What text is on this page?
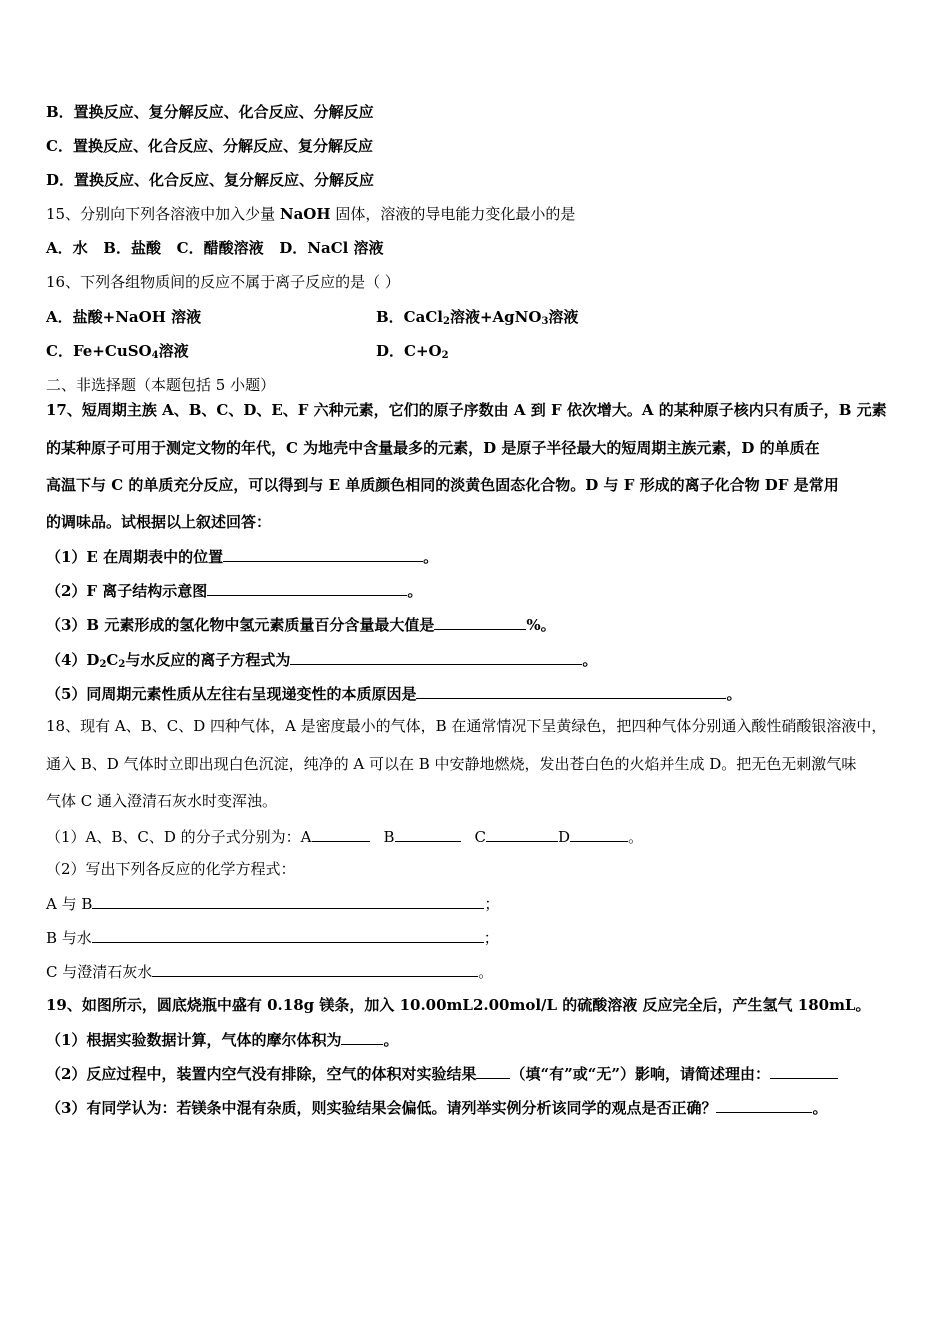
B．置换反应、复分解反应、化合反应、分解反应
C．置换反应、化合反应、分解反应、复分解反应
D．置换反应、化合反应、复分解反应、分解反应
15、分别向下列各溶液中加入少量 NaOH 固体，溶液的导电能力变化最小的是
A．水   B．盐酸   C．醋酸溶液   D．NaCl 溶液
16、下列各组物质间的反应不属于离子反应的是（ ）
A．盐酸+NaOH 溶液	B．CaCl$_2$溶液+AgNO$_3$溶液
C．Fe+CuSO$_4$溶液	D．$C+O_2$
二、非选择题（本题包括 5 小题）
17、短周期主族 A、B、C、D、E、F 六种元素，它们的原子序数由 A 到 F 依次增大。A 的某种原子核内只有质子，B 元素
的某种原子可用于测定文物的年代，C 为地壳中含量最多的元素，D 是原子半径最大的短周期主族元素，D 的单质在
高温下与 C 的单质充分反应，可以得到与 E 单质颜色相同的淡黄色固态化合物。D 与 F 形成的离子化合物 DF 是常用
的调味品。试根据以上叙述回答：
（1）E 在周期表中的位置	。
（2）F 离子结构示意图	。
（3）B 元素形成的氢化物中氢元素质量百分含量最大值是	%。
$(4)D_2C_2$与水反应的离子方程式为	。
（5）同周期元素性质从左往右呈现递变性的本质原因是	。
18、现有 A、B、C、D 四种气体，A 是密度最小的气体，B 在通常情况下呈黄绿色，把四种气体分别通入酸性硝酸银溶液中，
通入 B、D 气体时立即出现白色沉淀，纯净的 A 可以在 B 中安静地燃烧，发出苍白色的火焰并生成 D。把无色无刺激气味
气体 C 通入澄清石灰水时变浑浊。
（1）A、B、C、D 的分子式分别为：A	B	C	D	。
（2）写出下列各反应的化学方程式：
A 与 B	；
B 与水	；
C 与澄清石灰水	。
19、如图所示，圆底烧瓶中盛有 0.18g 镁条，加入 10.00mL2.00mol/L 的硫酸溶液 反应完全后，产生氢气 180mL。
（1）根据实验数据计算，气体的摩尔体积为	。
（2）反应过程中，装置内空气没有排除，空气的体积对实验结果 （填“有”或“无”）影响，请简述理由：
（3）有同学认为：若镁条中混有杂质，则实验结果会偏低。请列举实例分析该同学的观点是否正确？	。
